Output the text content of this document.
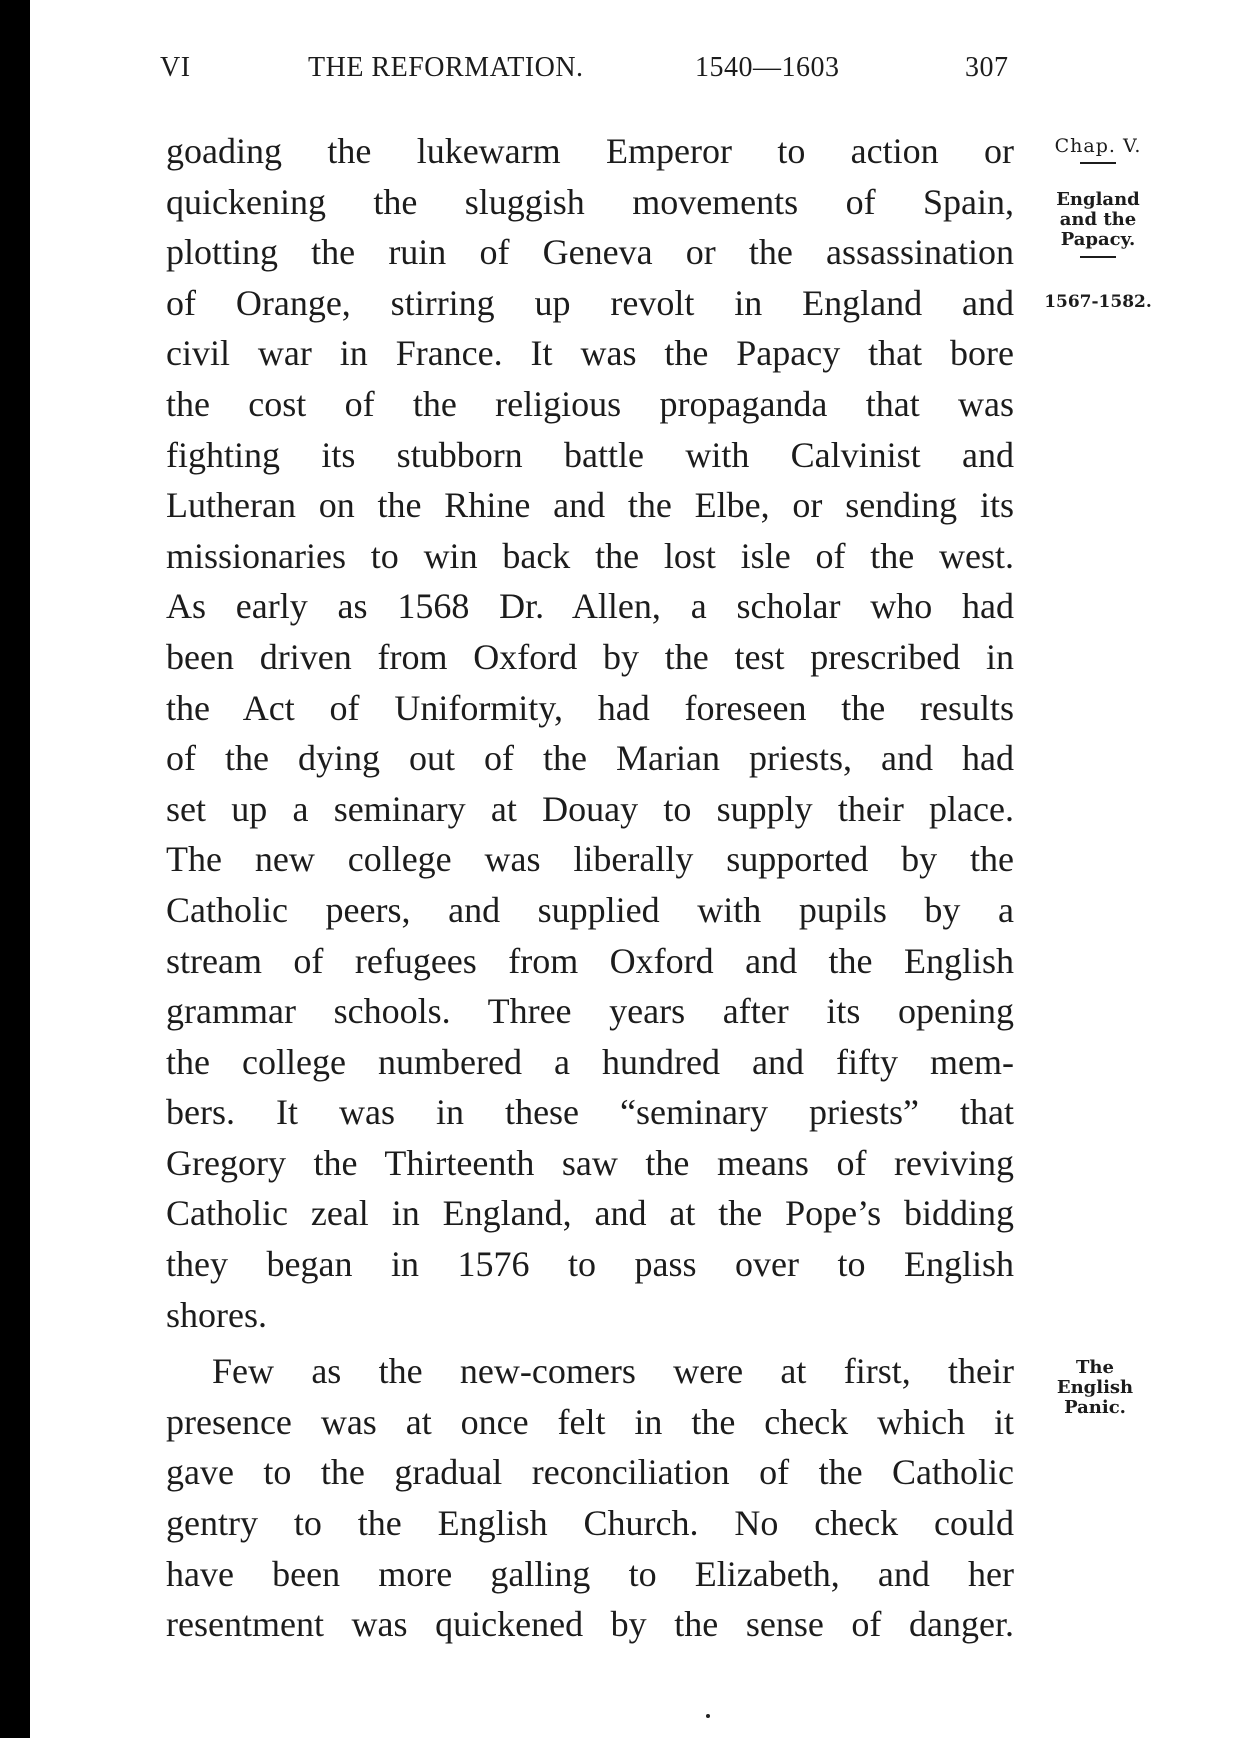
VI	THE REFORMATION.	1540—1603	307

goading the lukewarm Emperor to action or

quickening the sluggish movements of Spain,

plotting the ruin of Geneva or the assassination

of Orange, stirring up revolt in England and

civil war in France. It was the Papacy that bore

the cost of the religious propaganda that was

fighting its stubborn battle with Calvinist and

Lutheran on the Rhine and the Elbe, or sending its

missionaries to win back the lost isle of the west.

As early as 1568 Dr. Allen, a scholar who had

been driven from Oxford by the test prescribed in

the Act of Uniformity, had foreseen the results

of the dying out of the Marian priests, and had

set up a seminary at Douay to supply their place.

The new college was liberally supported by the

Catholic peers, and supplied with pupils by a

stream of refugees from Oxford and the English

grammar schools. Three years after its opening

the college numbered a hundred and fifty mem-

bers. It was in these “seminary priests” that

Gregory the Thirteenth saw the means of reviving

Catholic zeal in England, and at the Pope’s bidding

they began in 1576 to pass over to English

shores.

Few as the new-comers were at first, their

presence was at once felt in the check which it

gave to the gradual reconciliation of the Catholic

gentry to the English Church. No check could

have been more galling to Elizabeth, and her

resentment was quickened by the sense of danger.

Chap. V.
England
and the
Papacy.
1567-1582.
The
English
Panic.
